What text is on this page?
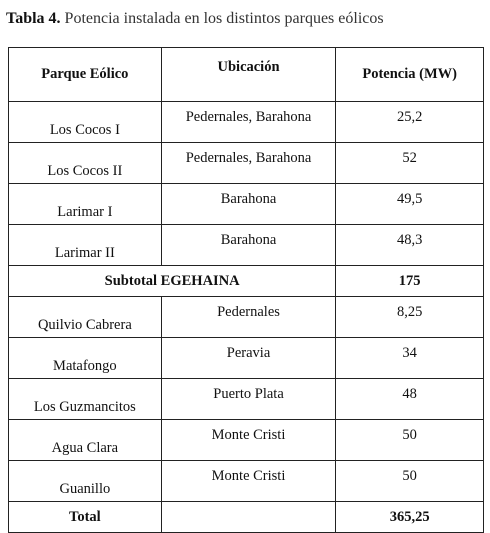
Tabla 4. Potencia instalada en los distintos parques eólicos
Parque Eólico	Ubicación	Potencia (MW)
Los Cocos I	Pedernales, Barahona	25,2
Los Cocos II	Pedernales, Barahona	52
Larimar I	Barahona	49,5
Larimar II	Barahona	48,3
Subtotal EGEHAINA		175
Quilvio Cabrera	Pedernales	8,25
Matafongo	Peravia	34
Los Guzmancitos	Puerto Plata	48
Agua Clara	Monte Cristi	50
Guanillo	Monte Cristi	50
Total		365,25
